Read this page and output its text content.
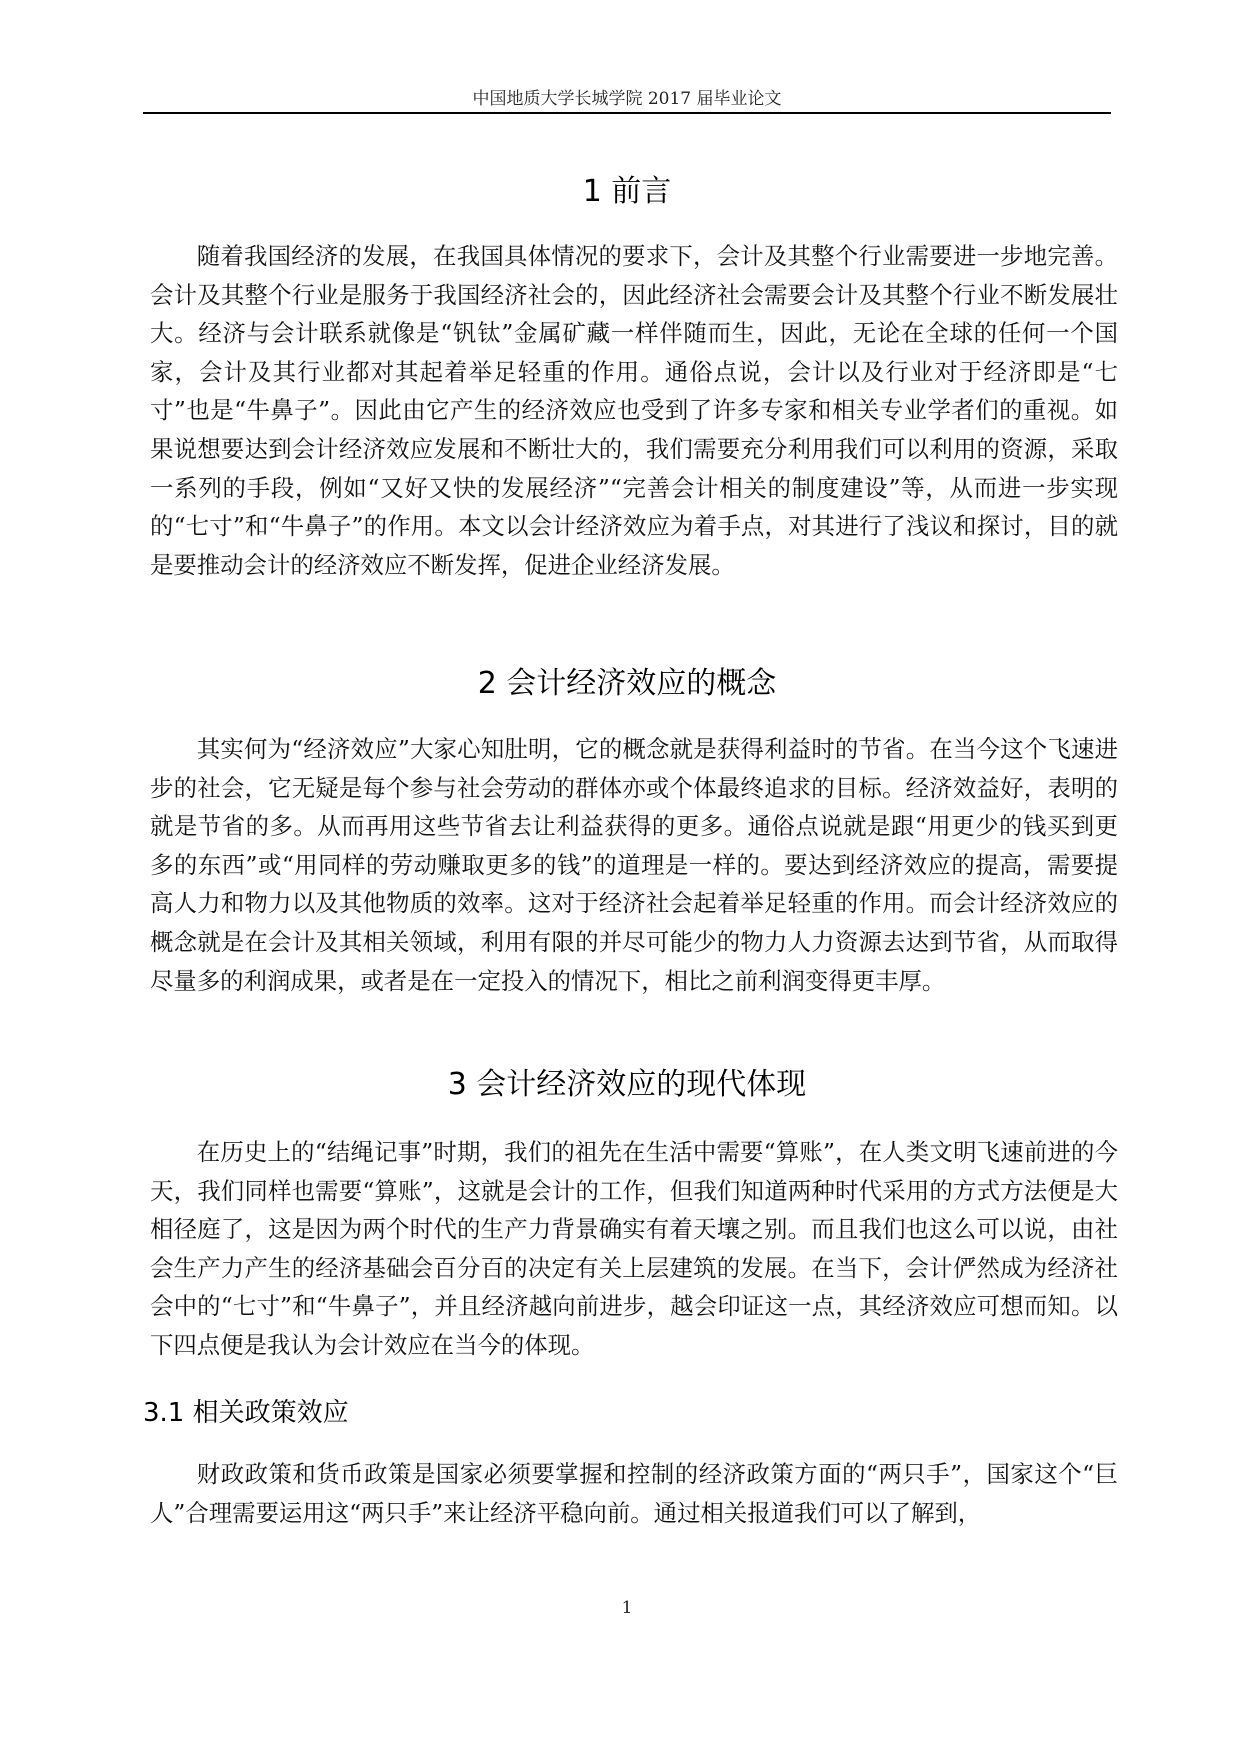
中国地质大学长城学院 2017 届毕业论文
1 前言

随着我国经济的发展，在我国具体情况的要求下，会计及其整个行业需要进一步地完善。会计及其整个行业是服务于我国经济社会的，因此经济社会需要会计及其整个行业不断发展壮大。经济与会计联系就像是“钒钛”金属矿藏一样伴随而生，因此，无论在全球的任何一个国家，会计及其行业都对其起着举足轻重的作用。通俗点说，会计以及行业对于经济即是“七寸”也是“牛鼻子”。因此由它产生的经济效应也受到了许多专家和相关专业学者们的重视。如果说想要达到会计经济效应发展和不断壮大的，我们需要充分利用我们可以利用的资源，采取一系列的手段，例如“又好又快的发展经济”“完善会计相关的制度建设”等，从而进一步实现的“七寸”和“牛鼻子”的作用。本文以会计经济效应为着手点，对其进行了浅议和探讨，目的就是要推动会计的经济效应不断发挥，促进企业经济发展。

2 会计经济效应的概念

其实何为“经济效应”大家心知肚明，它的概念就是获得利益时的节省。在当今这个飞速进步的社会，它无疑是每个参与社会劳动的群体亦或个体最终追求的目标。经济效益好，表明的就是节省的多。从而再用这些节省去让利益获得的更多。通俗点说就是跟“用更少的钱买到更多的东西”或“用同样的劳动赚取更多的钱”的道理是一样的。要达到经济效应的提高，需要提高人力和物力以及其他物质的效率。这对于经济社会起着举足轻重的作用。而会计经济效应的概念就是在会计及其相关领域，利用有限的并尽可能少的物力人力资源去达到节省，从而取得尽量多的利润成果，或者是在一定投入的情况下，相比之前利润变得更丰厚。

3 会计经济效应的现代体现

在历史上的“结绳记事”时期，我们的祖先在生活中需要“算账”，在人类文明飞速前进的今天，我们同样也需要“算账”，这就是会计的工作，但我们知道两种时代采用的方式方法便是大相径庭了，这是因为两个时代的生产力背景确实有着天壤之别。而且我们也这么可以说，由社会生产力产生的经济基础会百分百的决定有关上层建筑的发展。在当下，会计俨然成为经济社会中的“七寸”和“牛鼻子”，并且经济越向前进步，越会印证这一点，其经济效应可想而知。以下四点便是我认为会计效应在当今的体现。

3.1 相关政策效应

财政政策和货币政策是国家必须要掌握和控制的经济政策方面的“两只手”，国家这个“巨人”合理需要运用这“两只手”来让经济平稳向前。通过相关报道我们可以了解到，

1
